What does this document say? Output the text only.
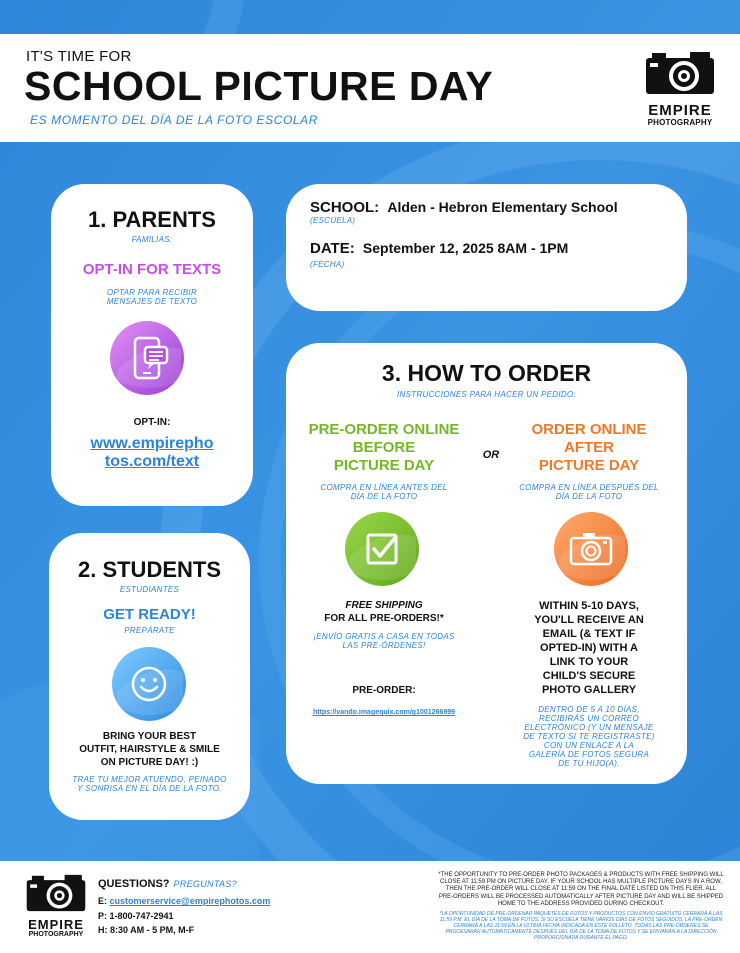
IT'S TIME FOR
SCHOOL PICTURE DAY
ES MOMENTO DEL DÍA DE LA FOTO ESCOLAR
EMPIRE
PHOTOGRAPHY
1. PARENTS
FAMILIAS:
OPT-IN FOR TEXTS
OPTAR PARA RECIBIR
MENSAJES DE TEXTO
OPT-IN:
www.empirepho
tos.com/text
2. STUDENTS
ESTUDIANTES
GET READY!
PREPÁRATE
BRING YOUR BEST
OUTFIT, HAIRSTYLE & SMILE
ON PICTURE DAY! :)
TRAE TU MEJOR ATUENDO, PEINADO
Y SONRISA EN EL DÍA DE LA FOTO.
SCHOOL: Alden - Hebron Elementary School
(ESCUELA)
DATE: September 12, 2025 8AM - 1PM
(FECHA)
3. HOW TO ORDER
INSTRUCCIONES PARA HACER UN PEDIDO:
PRE-ORDER ONLINE
BEFORE
PICTURE DAY
COMPRA EN LÍNEA ANTES DEL
DÍA DE LA FOTO
FREE SHIPPING
FOR ALL PRE-ORDERS!*
¡ENVÍO GRATIS A CASA EN TODAS
LAS PRE-ÓRDENES!
PRE-ORDER:
https://vando.imagequix.com/g1001266999
OR
ORDER ONLINE
AFTER
PICTURE DAY
COMPRA EN LÍNEA DESPUÉS DEL
DÍA DE LA FOTO
WITHIN 5-10 DAYS,
YOU'LL RECEIVE AN
EMAIL (& TEXT IF
OPTED-IN) WITH A
LINK TO YOUR
CHILD'S SECURE
PHOTO GALLERY
DENTRO DE 5 A 10 DÍAS,
RECIBIRÁS UN CORREO
ELECTRÓNICO (Y UN MENSAJE
DE TEXTO SI TE REGISTRASTE)
CON UN ENLACE A LA
GALERÍA DE FOTOS SEGURA
DE TU HIJO(A).
EMPIRE
PHOTOGRAPHY
QUESTIONS? PREGUNTAS?
E: customerservice@empirephotos.com
P: 1-800-747-2941
H: 8:30 AM - 5 PM, M-F
*THE OPPORTUNITY TO PRE-ORDER PHOTO PACKAGES & PRODUCTS WITH FREE SHIPPING WILL CLOSE AT 11:59 PM ON PICTURE DAY. IF YOUR SCHOOL HAS MULTIPLE PICTURE DAYS IN A ROW, THEN THE PRE-ORDER WILL CLOSE AT 11:59 ON THE FINAL DATE LISTED ON THIS FLIER. ALL PRE-ORDERS WILL BE PROCESSED AUTOMATICALLY AFTER PICTURE DAY AND WILL BE SHIPPED HOME TO THE ADDRESS PROVIDED DURING CHECKOUT.
*LA OPORTUNIDAD DE PRE-ORDENAR PAQUETES DE FOTOS Y PRODUCTOS CON ENVÍO GRATUITO CERRARÁ A LAS 11:59 P.M. EL DÍA DE LA TOMA DE FOTOS. SI SU ESCUELA TIENE VARIOS DÍAS DE FOTOS SEGUIDOS, LA PRE-ORDEN CERRARÁ A LAS 11:59 EN LA ÚLTIMA FECHA INDICADA EN ESTE FOLLETO. TODAS LAS PRE-ÓRDENES SE PROCESARÁN AUTOMÁTICAMENTE DESPUÉS DEL DÍA DE LA TOMA DE FOTOS Y SE ENVIARÁN A LA DIRECCIÓN PROPORCIONADA DURANTE EL PAGO.
